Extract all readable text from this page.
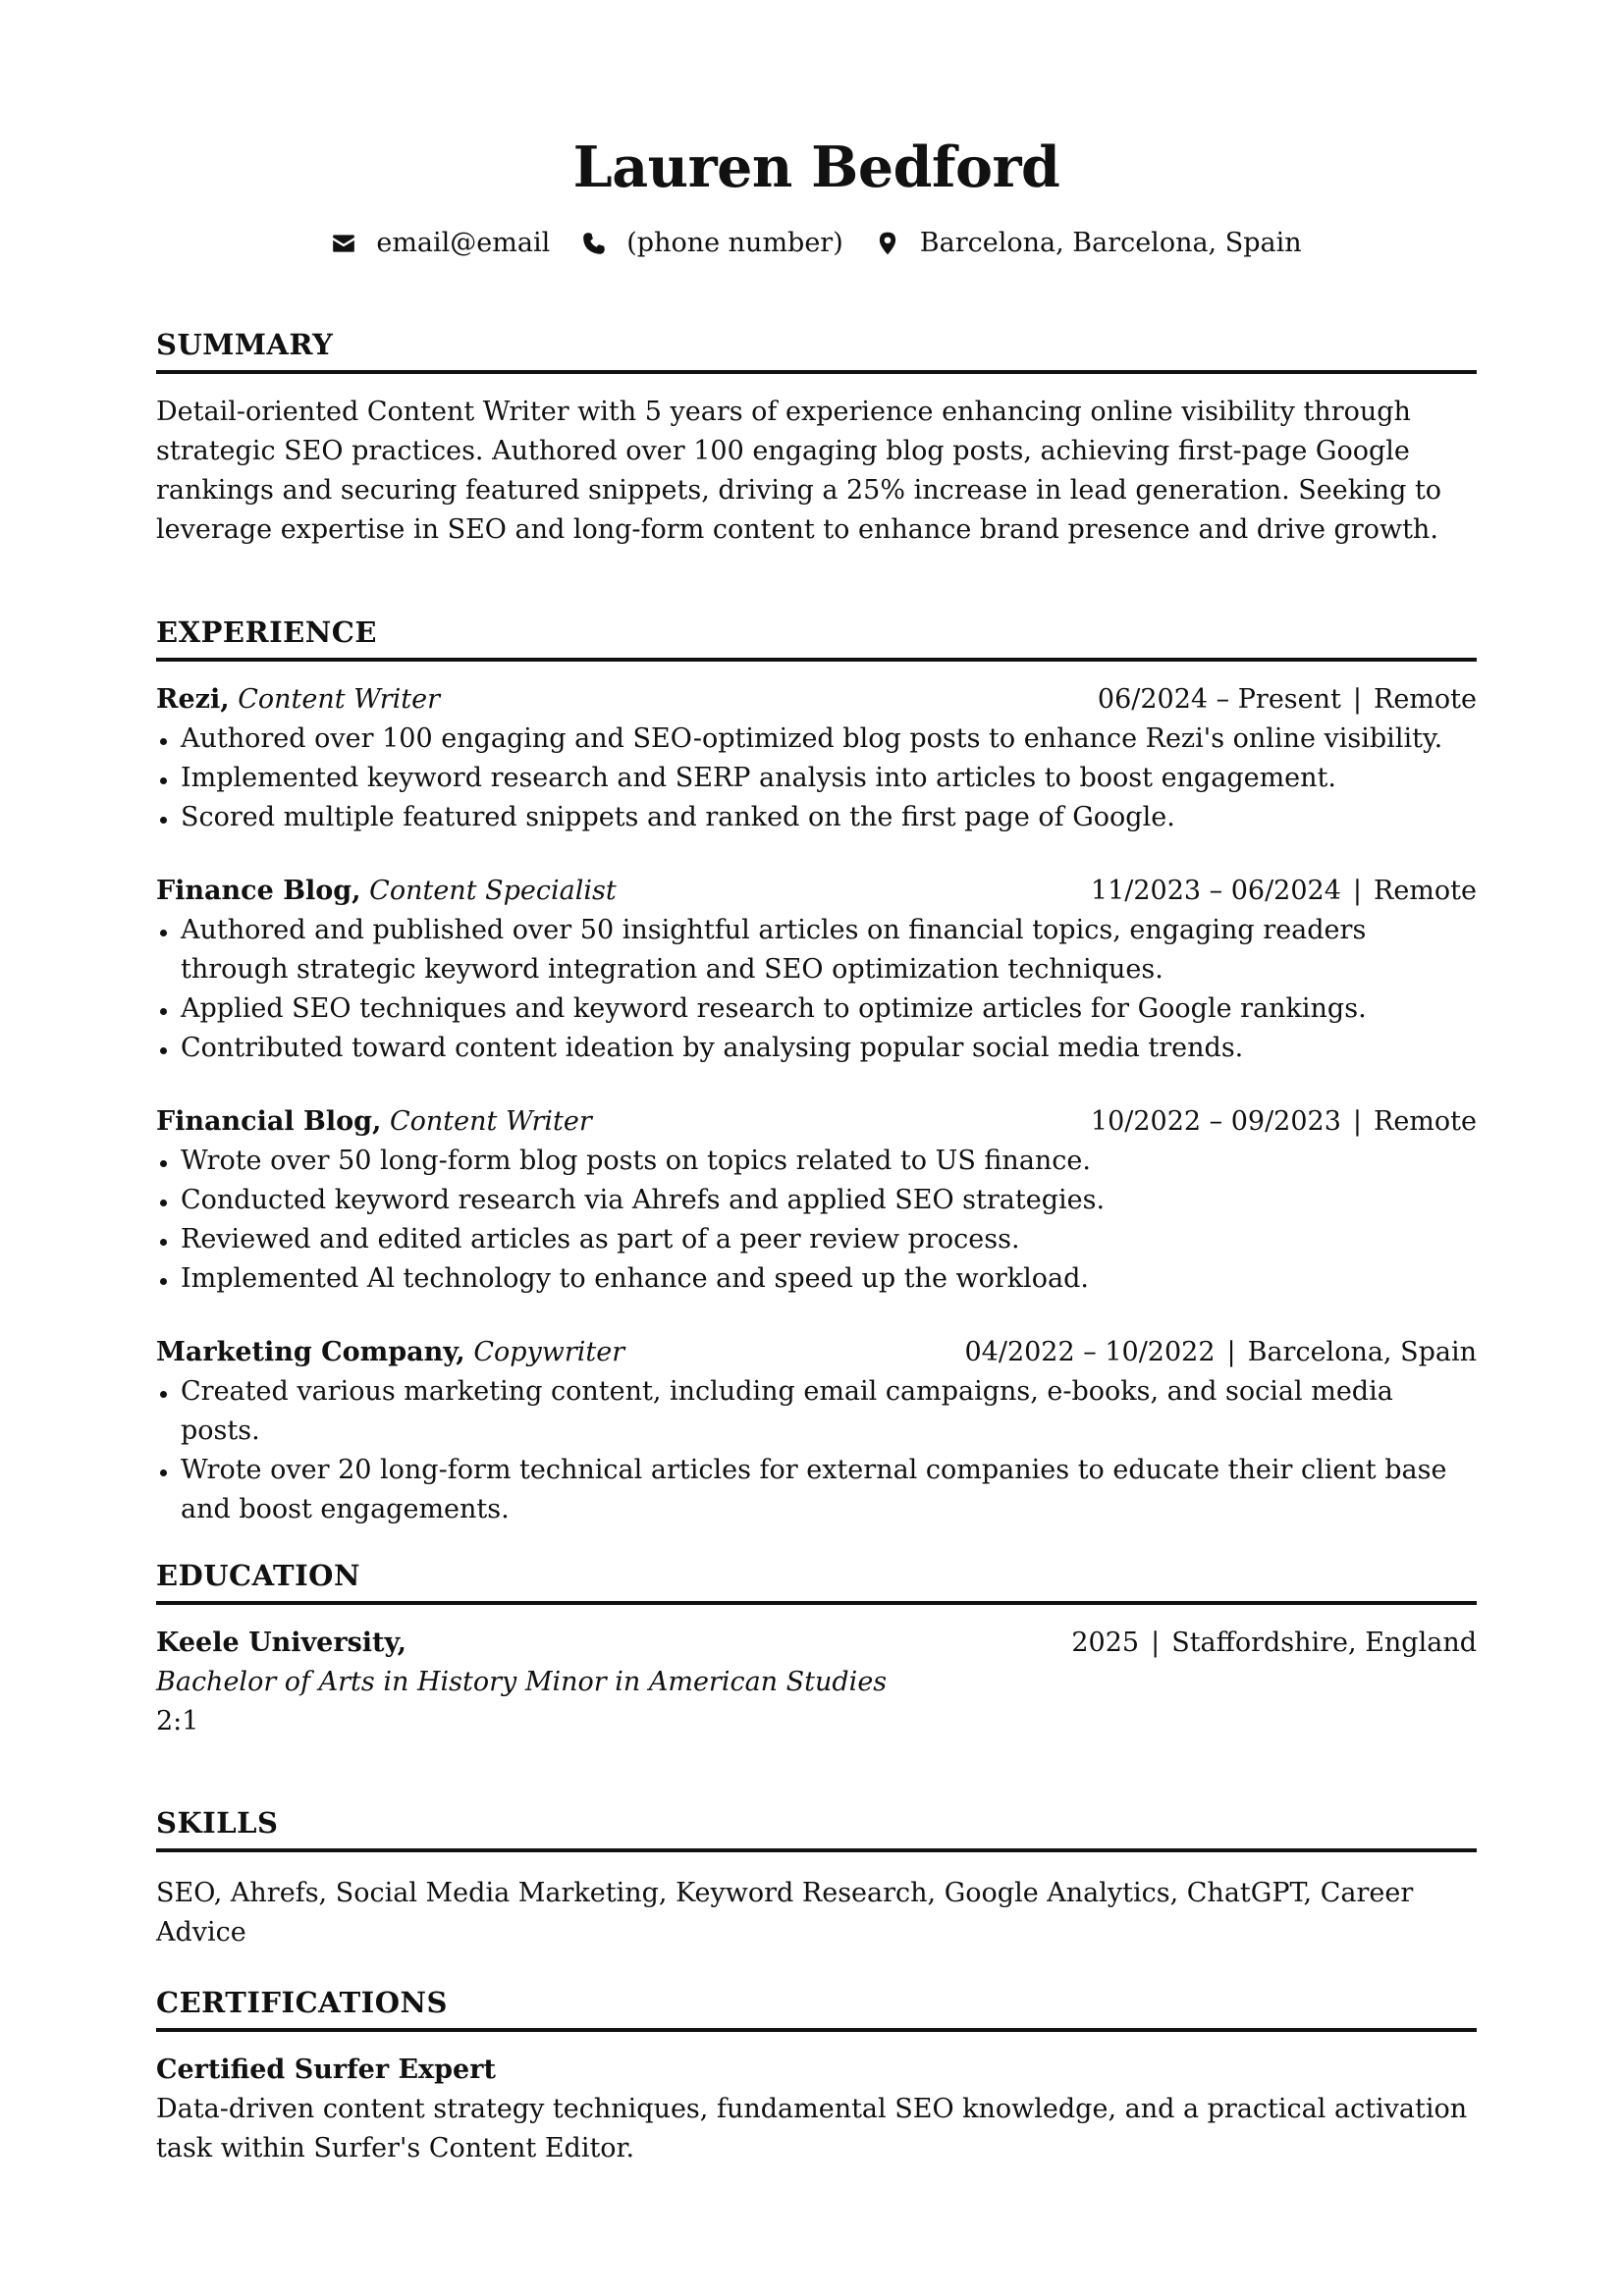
Lauren Bedford
email@email	(phone number)	Barcelona, Barcelona, Spain
SUMMARY
Detail-oriented Content Writer with 5 years of experience enhancing online visibility through strategic SEO practices. Authored over 100 engaging blog posts, achieving first-page Google rankings and securing featured snippets, driving a 25% increase in lead generation. Seeking to leverage expertise in SEO and long-form content to enhance brand presence and drive growth.
EXPERIENCE
Rezi, Content Writer	06/2024 – Present | Remote
Authored over 100 engaging and SEO-optimized blog posts to enhance Rezi's online visibility.
Implemented keyword research and SERP analysis into articles to boost engagement.
Scored multiple featured snippets and ranked on the first page of Google.
Finance Blog, Content Specialist	11/2023 – 06/2024 | Remote
Authored and published over 50 insightful articles on financial topics, engaging readers through strategic keyword integration and SEO optimization techniques.
Applied SEO techniques and keyword research to optimize articles for Google rankings.
Contributed toward content ideation by analysing popular social media trends.
Financial Blog, Content Writer	10/2022 – 09/2023 | Remote
Wrote over 50 long-form blog posts on topics related to US finance.
Conducted keyword research via Ahrefs and applied SEO strategies.
Reviewed and edited articles as part of a peer review process.
Implemented Al technology to enhance and speed up the workload.
Marketing Company, Copywriter	04/2022 – 10/2022 | Barcelona, Spain
Created various marketing content, including email campaigns, e-books, and social media posts.
Wrote over 20 long-form technical articles for external companies to educate their client base and boost engagements.
EDUCATION
Keele University,	2025 | Staffordshire, England
Bachelor of Arts in History Minor in American Studies
2:1
SKILLS
SEO, Ahrefs, Social Media Marketing, Keyword Research, Google Analytics, ChatGPT, Career Advice
CERTIFICATIONS
Certified Surfer Expert
Data-driven content strategy techniques, fundamental SEO knowledge, and a practical activation task within Surfer's Content Editor.
